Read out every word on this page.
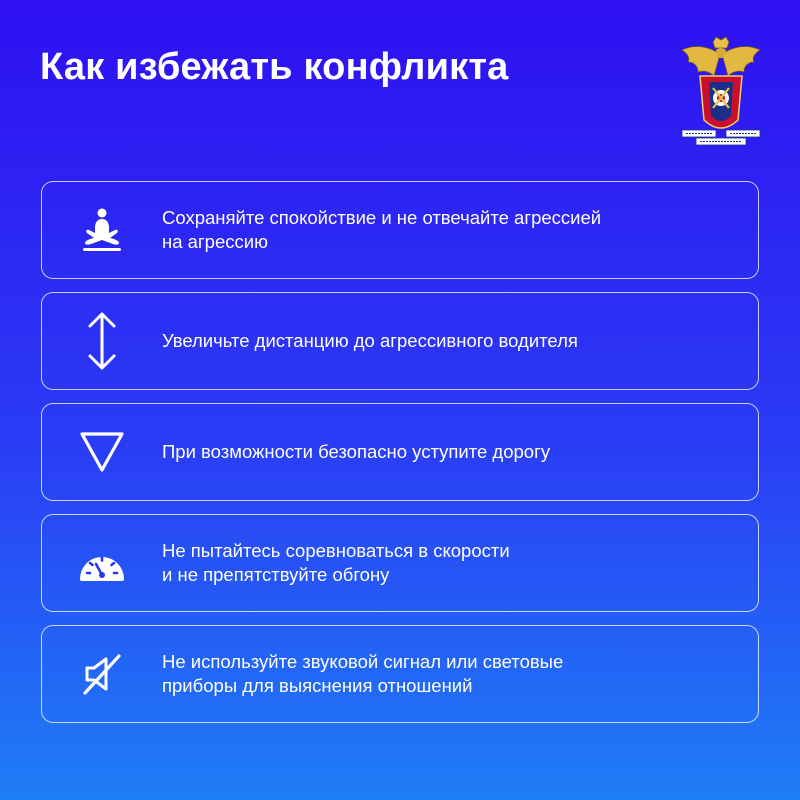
Как избежать конфликта
Сохраняйте спокойствие и не отвечайте агрессией
на агрессию
Увеличьте дистанцию до агрессивного водителя
При возможности безопасно уступите дорогу
Не пытайтесь соревноваться в скорости
и не препятствуйте обгону
Не используйте звуковой сигнал или световые
приборы для выяснения отношений
